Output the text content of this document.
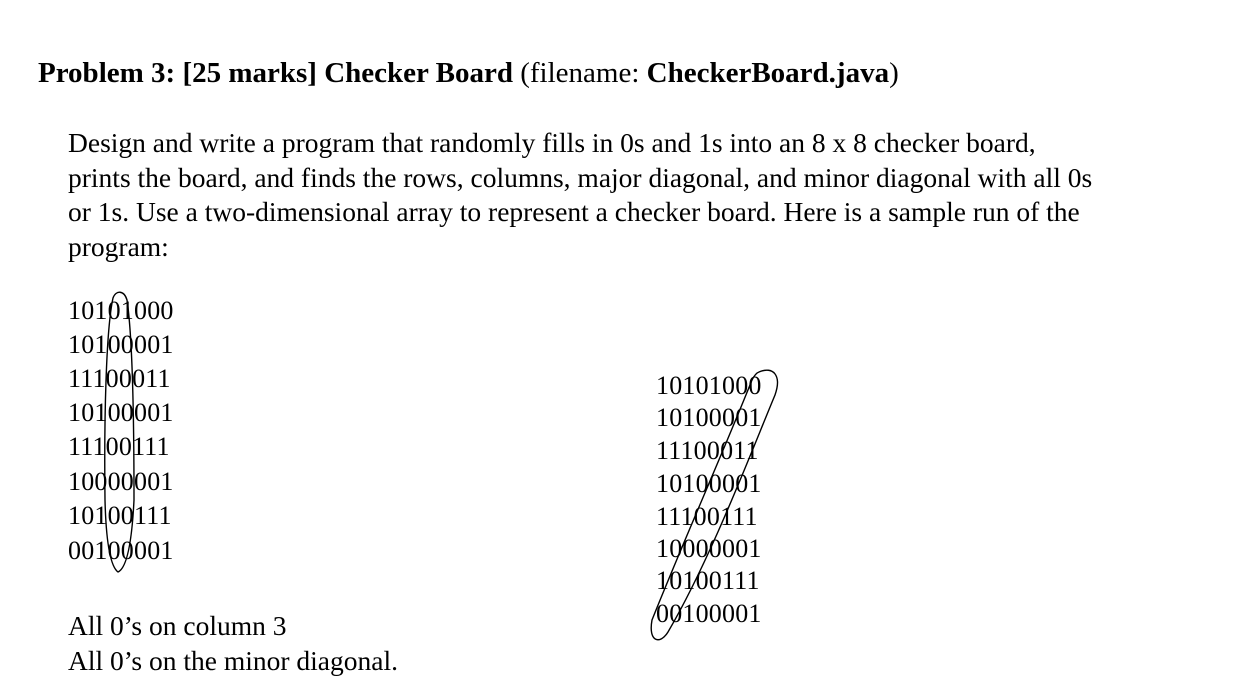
Problem 3: [25 marks] Checker Board (filename: CheckerBoard.java)
Design and write a program that randomly fills in 0s and 1s into an 8 x 8 checker board,
prints the board, and finds the rows, columns, major diagonal, and minor diagonal with all 0s
or 1s. Use a two-dimensional array to represent a checker board. Here is a sample run of the
program:
10101000
10100001
11100011
10100001
11100111
10000001
10100111
00100001
10101000
10100001
11100011
10100001
11100111
10000001
10100111
00100001
All 0’s on column 3
All 0’s on the minor diagonal.
